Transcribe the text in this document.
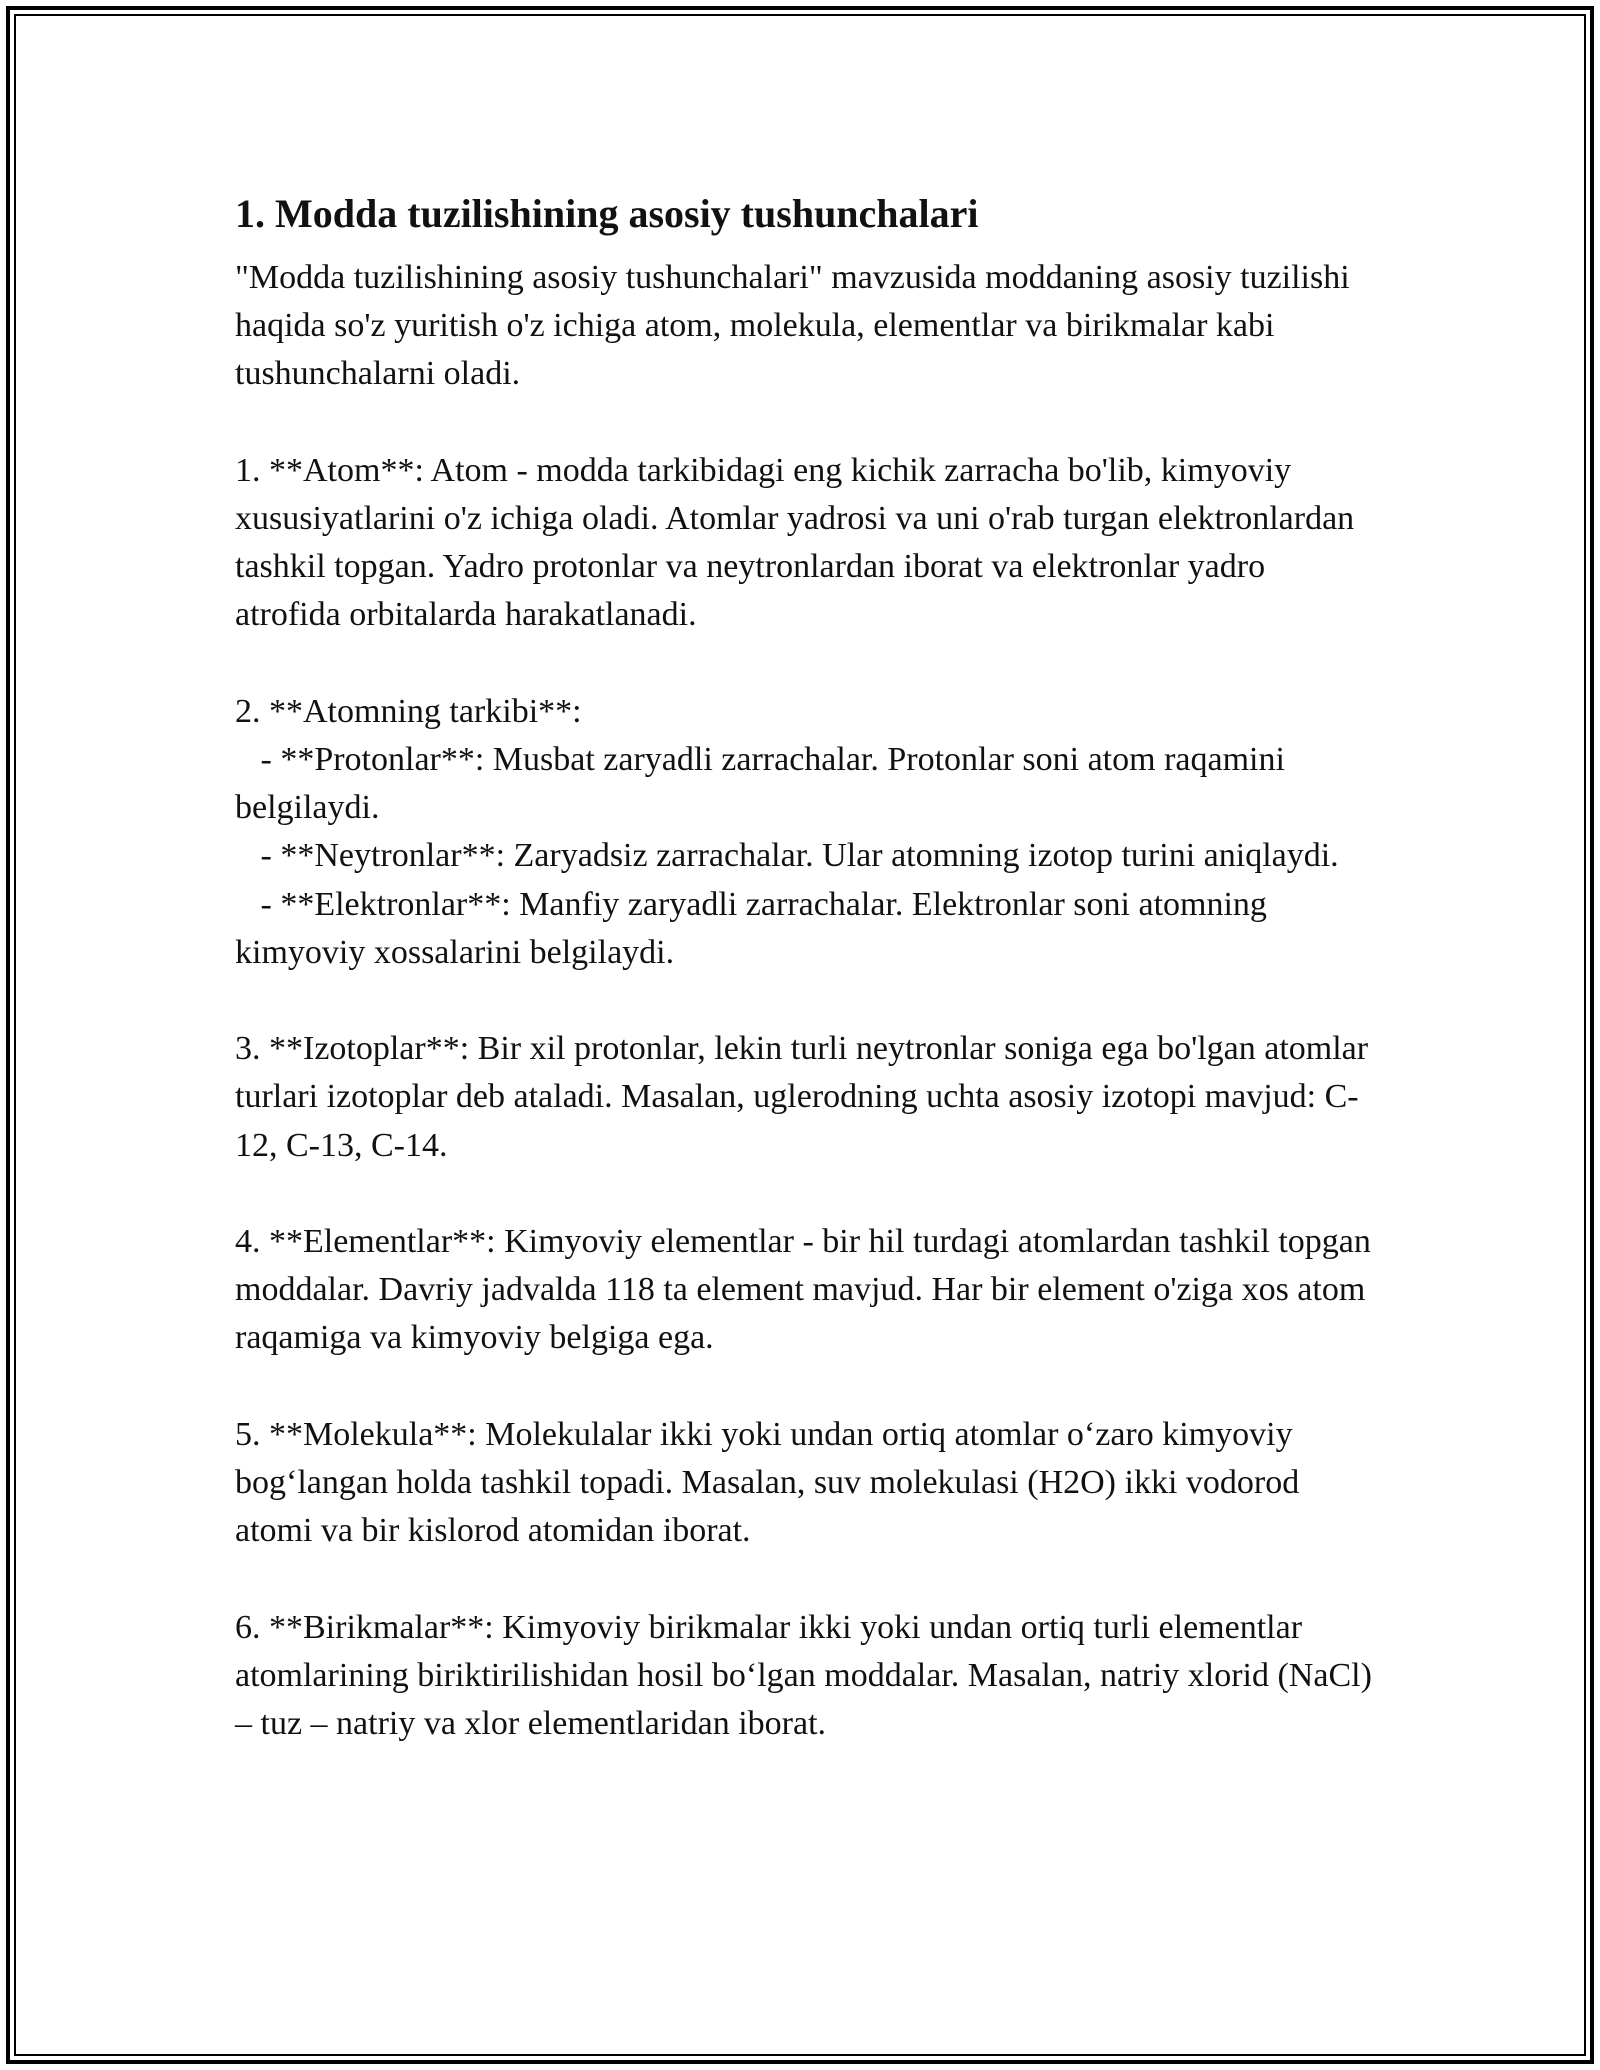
1. Modda tuzilishining asosiy tushunchalari

"Modda tuzilishining asosiy tushunchalari" mavzusida moddaning asosiy tuzilishi haqida so'z yuritish o'z ichiga atom, molekula, elementlar va birikmalar kabi tushunchalarni oladi.

1. **Atom**: Atom - modda tarkibidagi eng kichik zarracha bo'lib, kimyoviy xususiyatlarini o'z ichiga oladi. Atomlar yadrosi va uni o'rab turgan elektronlardan tashkil topgan. Yadro protonlar va neytronlardan iborat va elektronlar yadro atrofida orbitalarda harakatlanadi.

2. **Atomning tarkibi**:
- **Protonlar**: Musbat zaryadli zarrachalar. Protonlar soni atom raqamini belgilaydi.
- **Neytronlar**: Zaryadsiz zarrachalar. Ular atomning izotop turini aniqlaydi.
- **Elektronlar**: Manfiy zaryadli zarrachalar. Elektronlar soni atomning kimyoviy xossalarini belgilaydi.

3. **Izotoplar**: Bir xil protonlar, lekin turli neytronlar soniga ega bo'lgan atomlar turlari izotoplar deb ataladi. Masalan, uglerodning uchta asosiy izotopi mavjud: C-12, C-13, C-14.

4. **Elementlar**: Kimyoviy elementlar - bir hil turdagi atomlardan tashkil topgan moddalar. Davriy jadvalda 118 ta element mavjud. Har bir element o'ziga xos atom raqamiga va kimyoviy belgiga ega.

5. **Molekula**: Molekulalar ikki yoki undan ortiq atomlar o‘zaro kimyoviy bog‘langan holda tashkil topadi. Masalan, suv molekulasi (H2O) ikki vodorod atomi va bir kislorod atomidan iborat.

6. **Birikmalar**: Kimyoviy birikmalar ikki yoki undan ortiq turli elementlar atomlarining biriktirilishidan hosil bo‘lgan moddalar. Masalan, natriy xlorid (NaCl) – tuz – natriy va xlor elementlaridan iborat.
